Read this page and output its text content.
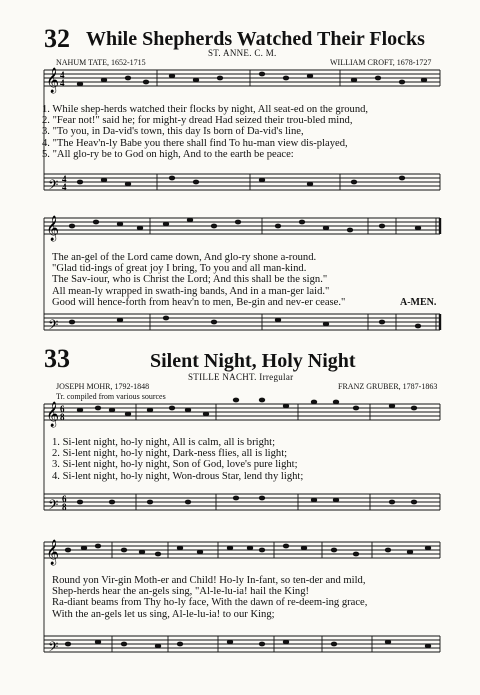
32 While Shepherds Watched Their Flocks
ST. ANNE. C. M.
NAHUM TATE, 1652-1715	WILLIAM CROFT, 1678-1727
𝄞
𝄢
4
4
4
4
1. While shep-herds watched their flocks by night, All seat-ed on the ground,
2. "Fear not!" said he; for might-y dread Had seized their trou-bled mind,
3. "To you, in Da-vid's town, this day Is born of Da-vid's line,
4. "The Heav'n-ly Babe you there shall find To hu-man view dis-played,
5. "All glo-ry be to God on high, And to the earth be peace:
𝄞
𝄢
The an-gel of the Lord came down, And glo-ry shone a-round.
"Glad tid-ings of great joy I bring, To you and all man-kind.
The Sav-iour, who is Christ the Lord; And this shall be the sign."
All mean-ly wrapped in swath-ing bands, And in a man-ger laid."
Good will hence-forth from heav'n to men, Be-gin and nev-er cease."	A-MEN.
33	Silent Night, Holy Night
STILLE NACHT. Irregular
JOSEPH MOHR, 1792-1848
Tr. compiled from various sources
FRANZ GRUBER, 1787-1863
𝄞
𝄢
6
8
6
8
1. Si-lent night, ho-ly night, All is calm, all is bright;
2. Si-lent night, ho-ly night, Dark-ness flies, all is light;
3. Si-lent night, ho-ly night, Son of God, love's pure light;
4. Si-lent night, ho-ly night, Won-drous Star, lend thy light;
𝄞
𝄢
Round yon Vir-gin Moth-er and Child! Ho-ly In-fant, so ten-der and mild,
Shep-herds hear the an-gels sing, "Al-le-lu-ia! hail the King!
Ra-diant beams from Thy ho-ly face, With the dawn of re-deem-ing grace,
With the an-gels let us sing, Al-le-lu-ia! to our King;
